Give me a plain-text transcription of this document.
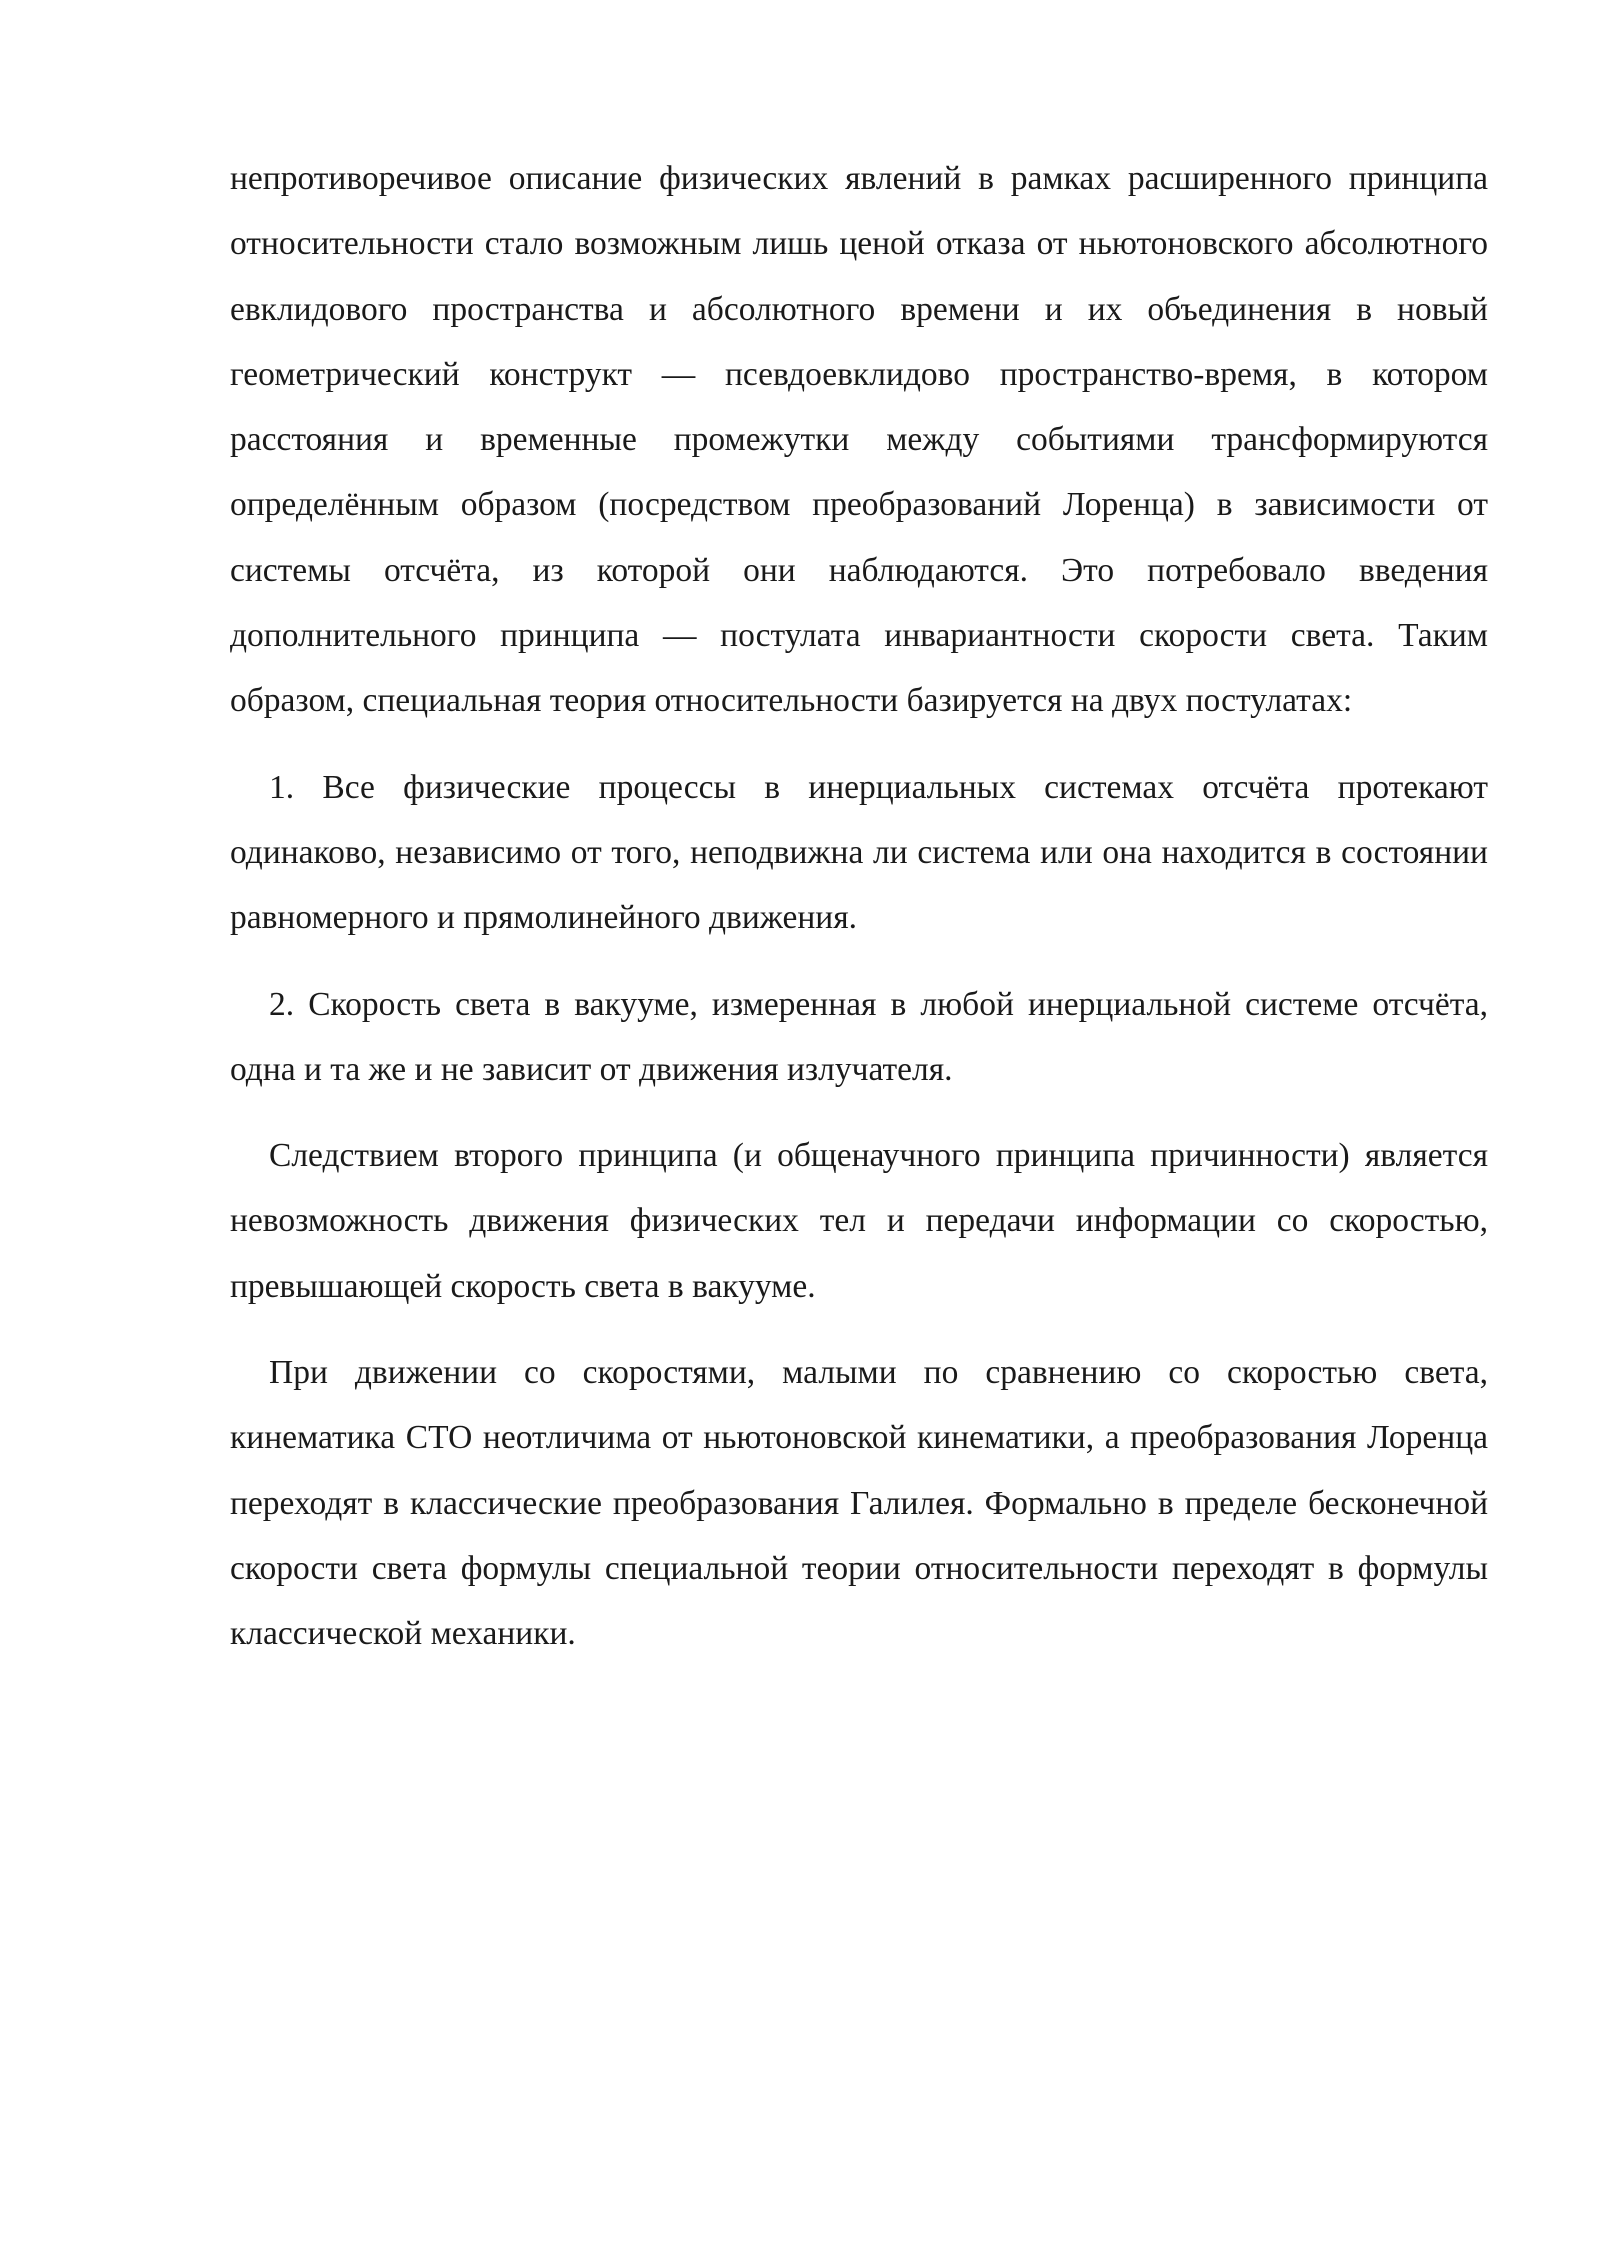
непротиворечивое описание физических явлений в рамках расширенного принципа относительности стало возможным лишь ценой отказа от ньютоновского абсолютного евклидового пространства и абсолютного времени и их объединения в новый геометрический конструкт — псевдоевклидово пространство-время, в котором расстояния и временные промежутки между событиями трансформируются определённым образом (посредством преобразований Лоренца) в зависимости от системы отсчёта, из которой они наблюдаются. Это потребовало введения дополнительного принципа — постулата инвариантности скорости света. Таким образом, специальная теория относительности базируется на двух постулатах:

1. Все физические процессы в инерциальных системах отсчёта протекают одинаково, независимо от того, неподвижна ли система или она находится в состоянии равномерного и прямолинейного движения.

2. Скорость света в вакууме, измеренная в любой инерциальной системе отсчёта, одна и та же и не зависит от движения излучателя.

Следствием второго принципа (и общенаучного принципа причинности) является невозможность движения физических тел и передачи информации со скоростью, превышающей скорость света в вакууме.

При движении со скоростями, малыми по сравнению со скоростью света, кинематика СТО неотличима от ньютоновской кинематики, а преобразования Лоренца переходят в классические преобразования Галилея. Формально в пределе бесконечной скорости света формулы специальной теории относительности переходят в формулы классической механики.
